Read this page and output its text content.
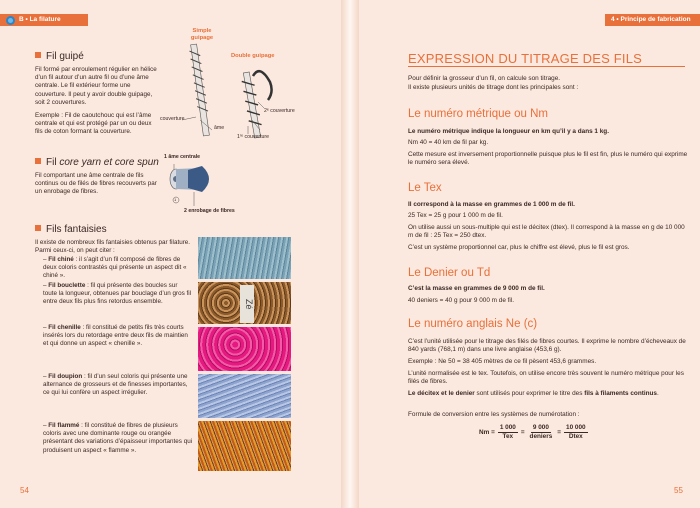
B • La filature
Fil guipé
Fil formé par enroulement régulier en hélice d’un fil autour d’un autre fil ou d’une âme centrale. Le fil extérieur forme une couverture. Il peut y avoir double guipage, soit 2 couvertures.
Exemple : Fil de caoutchouc qui est l’âme centrale et qui est protégé par un ou deux fils de coton formant la couverture.
Simple guipage
Double guipage
couverture
âme
2ᵉ couverture
1ʳᵉ couverture
Fil core yarn et core spun
Fil comportant une âme centrale de fils continus ou de filés de fibres recouverts par un enrobage de fibres.
1 âme centrale
1
2 enrobage de fibres
Fils fantaisies
Il existe de nombreux fils fantaisies obtenus par filature. Parmi ceux-ci, on peut citer :
– Fil chiné : il s’agit d’un fil composé de fibres de deux coloris contrastés qui présente un aspect dit « chiné ».
– Fil bouclette : fil qui présente des boucles sur toute la longueur, obtenues par bouclage d’un gros fil entre deux fils plus fins retordus ensemble.
– Fil chenille : fil constitué de petits fils très courts insérés lors du retordage entre deux fils de maintien et qui donne un aspect « chenille ».
– Fil doupion : fil d’un seul coloris qui présente une alternance de grosseurs et de finesses importantes, ce qui lui confère un aspect irrégulier.
– Fil flammé : fil constitué de fibres de plusieurs coloris avec une dominante rouge ou orangée présentant des variations d’épaisseur importantes qui produisent un aspect « flamme ».
Zé
54
4 • Principe de fabrication
EXPRESSION DU TITRAGE DES FILS
Pour définir la grosseur d’un fil, on calcule son titrage.
Il existe plusieurs unités de titrage dont les principales sont :
Le numéro métrique ou Nm
Le numéro métrique indique la longueur en km qu’il y a dans 1 kg.
Nm 40 = 40 km de fil par kg.
Cette mesure est inversement proportionnelle puisque plus le fil est fin, plus le numéro qui exprime le numéro sera élevé.
Le Tex
Il correspond à la masse en grammes de 1 000 m de fil.
25 Tex = 25 g pour 1 000 m de fil.
On utilise aussi un sous-multiple qui est le décitex (dtex). Il correspond à la masse en g de 10 000 m de fil : 25 Tex = 250 dtex.
C’est un système proportionnel car, plus le chiffre est élevé, plus le fil est gros.
Le Denier ou Td
C’est la masse en grammes de 9 000 m de fil.
40 deniers = 40 g pour 9 000 m de fil.
Le numéro anglais Ne (c)
C’est l’unité utilisée pour le titrage des filés de fibres courtes. Il exprime le nombre d’écheveaux de 840 yards (768,1 m) dans une livre anglaise (453,6 g).
Exemple : Ne 50 = 38 405 mètres de ce fil pèsent 453,6 grammes.
L’unité normalisée est le tex. Toutefois, on utilise encore très souvent le numéro métrique pour les filés de fibres.
Le décitex et le denier sont utilisés pour exprimer le titre des fils à filaments continus.
Formule de conversion entre les systèmes de numérotation :
$Nm = \frac{1 000}{\text{Tex}} = \frac{9 000}{\text{deniers}} = \frac{10 000}{\text{Dtex}}$
55
